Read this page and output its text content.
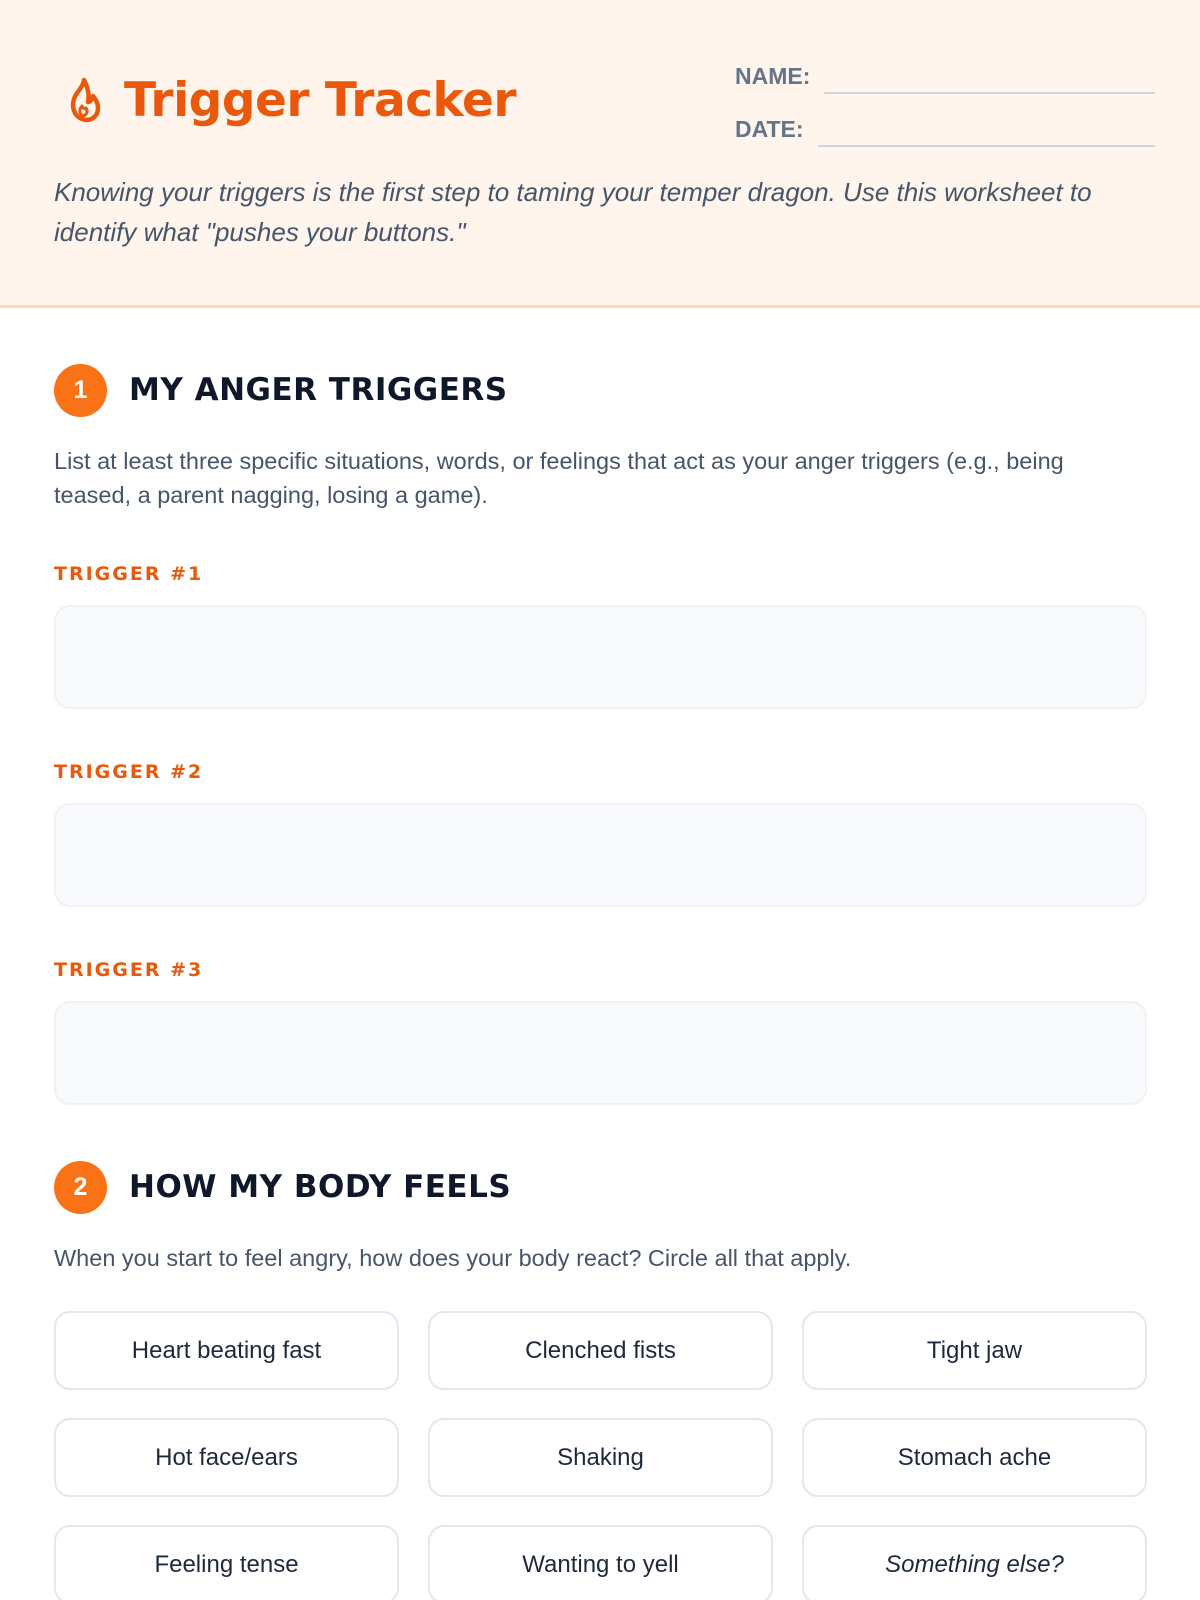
Trigger Tracker	NAME:
DATE:

Knowing your triggers is the first step to taming your temper dragon. Use this worksheet to identify what "pushes your buttons."

1	MY ANGER TRIGGERS

List at least three specific situations, words, or feelings that act as your anger triggers (e.g., being teased, a parent nagging, losing a game).

TRIGGER #1

TRIGGER #2

TRIGGER #3

2	HOW MY BODY FEELS

When you start to feel angry, how does your body react? Circle all that apply.

Heart beating fast	Clenched fists	Tight jaw
Hot face/ears	Shaking	Stomach ache
Feeling tense	Wanting to yell	Something else?
